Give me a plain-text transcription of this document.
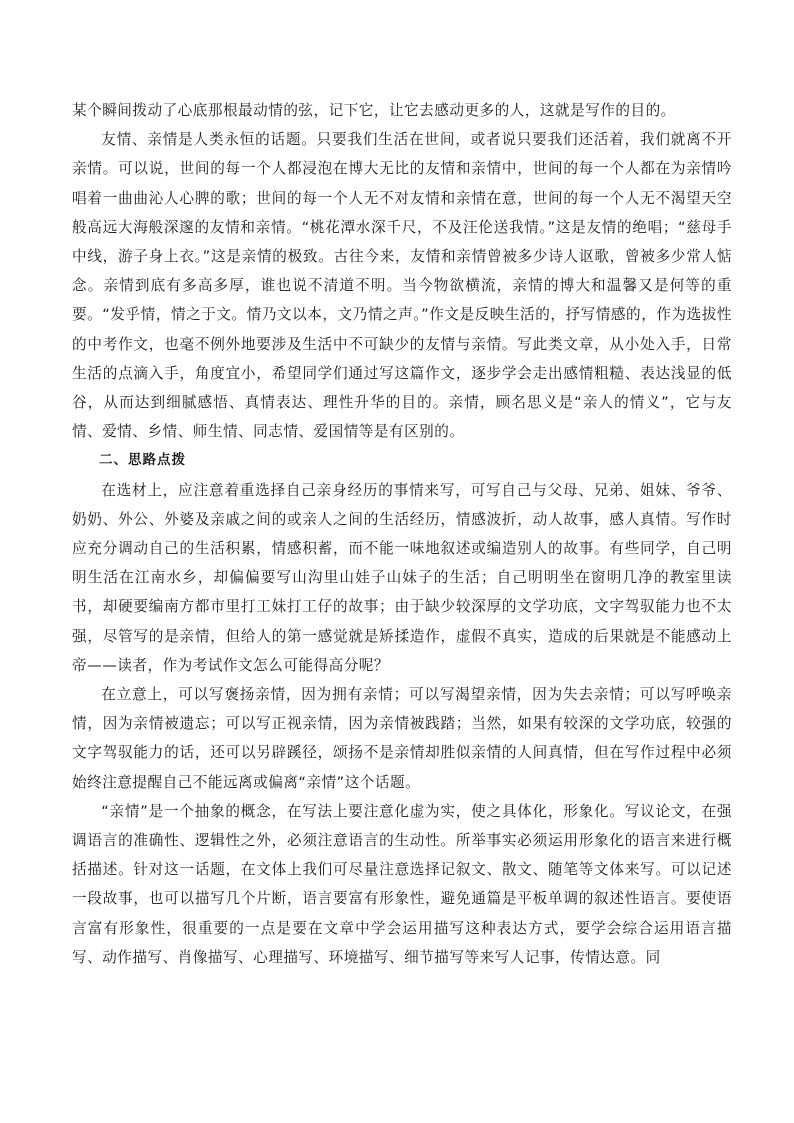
某个瞬间拨动了心底那根最动情的弦，记下它，让它去感动更多的人，这就是写作的目的。

友情、亲情是人类永恒的话题。只要我们生活在世间，或者说只要我们还活着，我们就离不开亲情。可以说，世间的每一个人都浸泡在博大无比的友情和亲情中，世间的每一个人都在为亲情吟唱着一曲曲沁人心脾的歌；世间的每一个人无不对友情和亲情在意，世间的每一个人无不渴望天空般高远大海般深邃的友情和亲情。“桃花潭水深千尺，不及汪伦送我情。”这是友情的绝唱；“慈母手中线，游子身上衣。”这是亲情的极致。古往今来，友情和亲情曾被多少诗人讴歌，曾被多少常人惦念。亲情到底有多高多厚，谁也说不清道不明。当今物欲横流，亲情的博大和温馨又是何等的重要。“发乎情，情之于文。情乃文以本，文乃情之声。”作文是反映生活的，抒写情感的，作为选拔性的中考作文，也毫不例外地要涉及生活中不可缺少的友情与亲情。写此类文章，从小处入手，日常生活的点滴入手，角度宜小，希望同学们通过写这篇作文，逐步学会走出感情粗糙、表达浅显的低谷，从而达到细腻感悟、真情表达、理性升华的目的。亲情，顾名思义是“亲人的情义”，它与友情、爱情、乡情、师生情、同志情、爱国情等是有区别的。

二、思路点拨

在选材上，应注意着重选择自己亲身经历的事情来写，可写自己与父母、兄弟、姐妹、爷爷、奶奶、外公、外婆及亲戚之间的或亲人之间的生活经历，情感波折，动人故事，感人真情。写作时应充分调动自己的生活积累，情感积蓄，而不能一味地叙述或编造别人的故事。有些同学，自己明明生活在江南水乡，却偏偏要写山沟里山娃子山妹子的生活；自己明明坐在窗明几净的教室里读书，却硬要编南方都市里打工妹打工仔的故事；由于缺少较深厚的文学功底，文字驾驭能力也不太强，尽管写的是亲情，但给人的第一感觉就是矫揉造作，虚假不真实，造成的后果就是不能感动上帝——读者，作为考试作文怎么可能得高分呢？

在立意上，可以写褒扬亲情，因为拥有亲情；可以写渴望亲情，因为失去亲情；可以写呼唤亲情，因为亲情被遗忘；可以写正视亲情，因为亲情被践踏；当然，如果有较深的文学功底，较强的文字驾驭能力的话，还可以另辟蹊径，颂扬不是亲情却胜似亲情的人间真情，但在写作过程中必须始终注意提醒自己不能远离或偏离“亲情”这个话题。

“亲情”是一个抽象的概念，在写法上要注意化虚为实，使之具体化，形象化。写议论文，在强调语言的准确性、逻辑性之外，必须注意语言的生动性。所举事实必须运用形象化的语言来进行概括描述。针对这一话题，在文体上我们可尽量注意选择记叙文、散文、随笔等文体来写。可以记述一段故事，也可以描写几个片断，语言要富有形象性，避免通篇是平板单调的叙述性语言。要使语言富有形象性，很重要的一点是要在文章中学会运用描写这种表达方式，要学会综合运用语言描写、动作描写、肖像描写、心理描写、环境描写、细节描写等来写人记事，传情达意。同
